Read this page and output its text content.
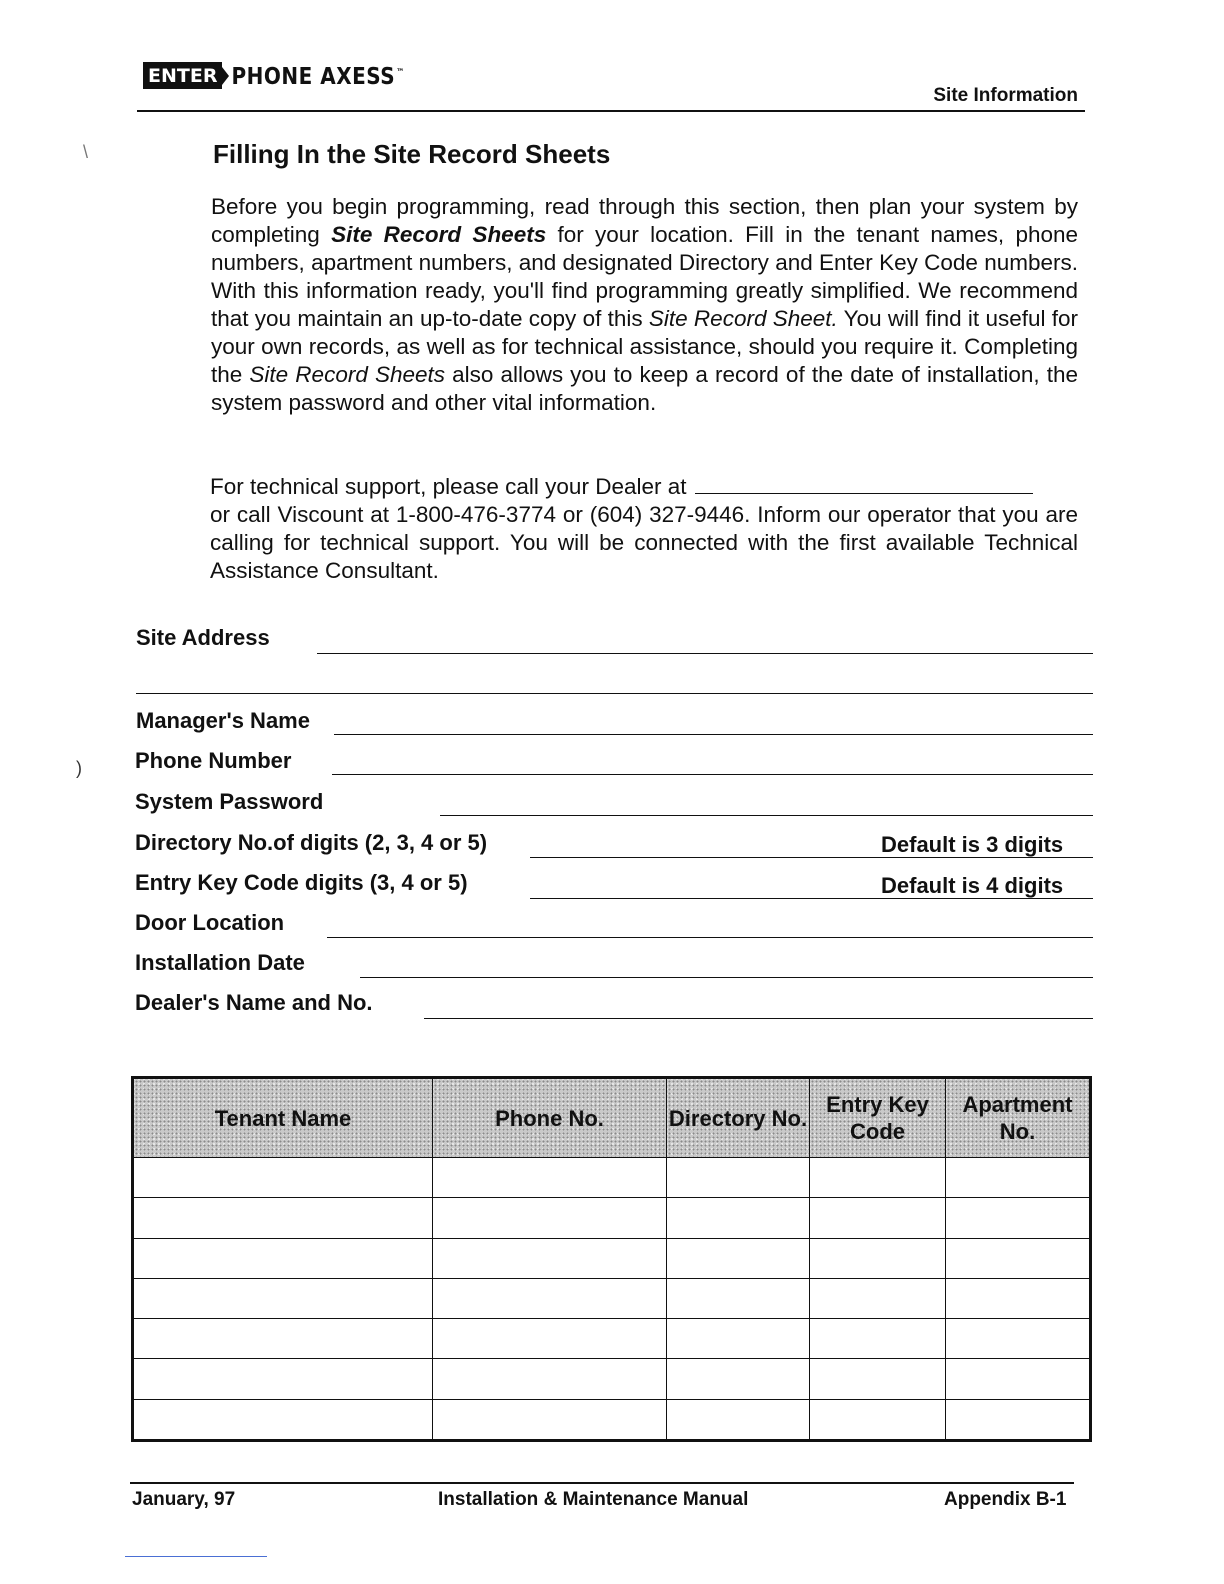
ENTER PHONE AXESS™
Site Information
Filling In the Site Record Sheets

Before you begin programming, read through this section, then plan your system by completing Site Record Sheets for your location. Fill in the tenant names, phone numbers, apartment numbers, and designated Directory and Enter Key Code numbers. With this information ready, you'll find programming greatly simplified. We recommend that you maintain an up-to-date copy of this Site Record Sheet. You will find it useful for your own records, as well as for technical assistance, should you require it. Completing the Site Record Sheets also allows you to keep a record of the date of installation, the system password and other vital information.

For technical support, please call your Dealer at
or call Viscount at 1-800-476-3774 or (604) 327-9446. Inform our operator that you are calling for technical support. You will be connected with the first available Technical Assistance Consultant.

Site Address
Manager's Name
Phone Number
System Password
Directory No.of digits (2, 3, 4 or 5)	Default is 3 digits
Entry Key Code digits (3, 4 or 5)	Default is 4 digits
Door Location
Installation Date
Dealer's Name and No.
Tenant Name	Phone No.	Directory No.	Entry Key Code	Apartment No.

January, 97	Installation & Maintenance Manual	Appendix B-1
\
)
